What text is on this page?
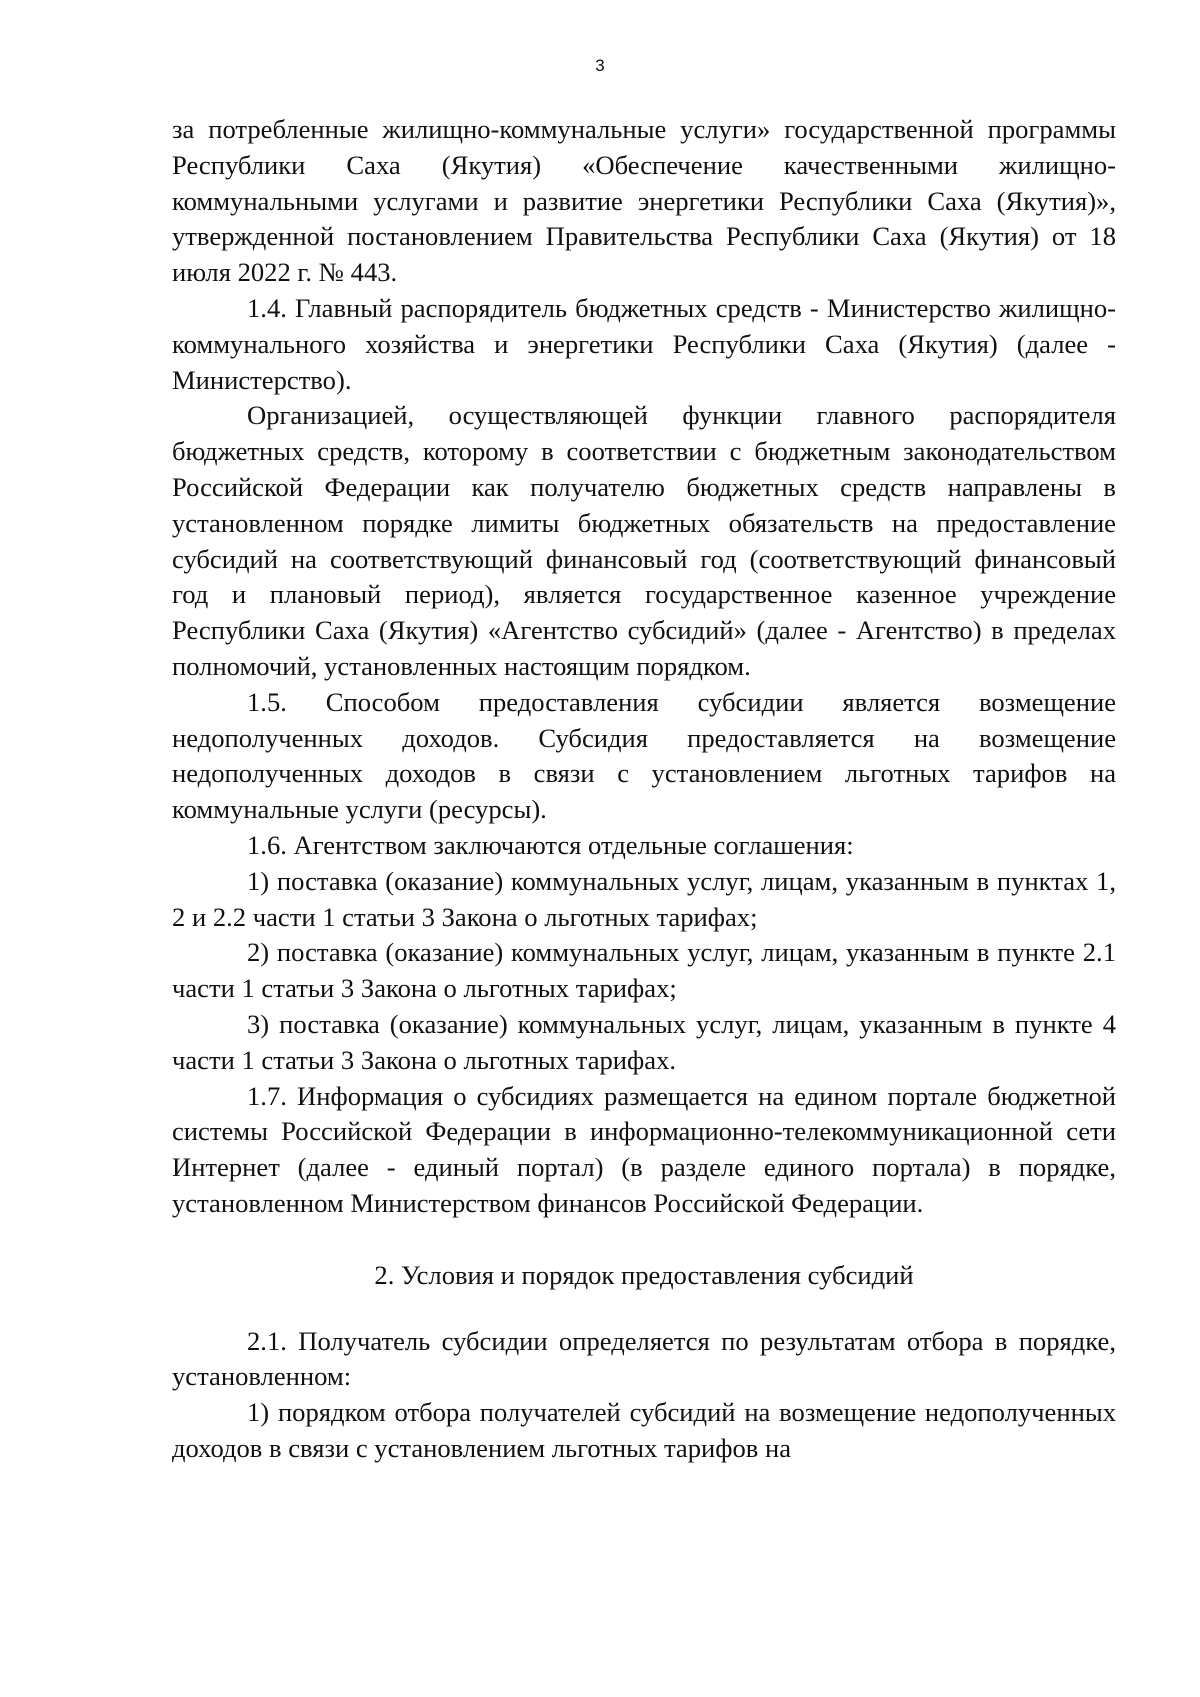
3

за потребленные жилищно-коммунальные услуги» государственной программы Республики Саха (Якутия) «Обеспечение качественными жилищно-коммунальными услугами и развитие энергетики Республики Саха (Якутия)», утвержденной постановлением Правительства Республики Саха (Якутия) от 18 июля 2022 г. № 443.

1.4. Главный распорядитель бюджетных средств - Министерство жилищно-коммунального хозяйства и энергетики Республики Саха (Якутия) (далее - Министерство).

Организацией, осуществляющей функции главного распорядителя бюджетных средств, которому в соответствии с бюджетным законодательством Российской Федерации как получателю бюджетных средств направлены в установленном порядке лимиты бюджетных обязательств на предоставление субсидий на соответствующий финансовый год (соответствующий финансовый год и плановый период), является государственное казенное учреждение Республики Саха (Якутия) «Агентство субсидий» (далее - Агентство) в пределах полномочий, установленных настоящим порядком.

1.5. Способом предоставления субсидии является возмещение недополученных доходов. Субсидия предоставляется на возмещение недополученных доходов в связи с установлением льготных тарифов на коммунальные услуги (ресурсы).

1.6. Агентством заключаются отдельные соглашения:

1) поставка (оказание) коммунальных услуг, лицам, указанным в пунктах 1, 2 и 2.2 части 1 статьи 3 Закона о льготных тарифах;

2) поставка (оказание) коммунальных услуг, лицам, указанным в пункте 2.1 части 1 статьи 3 Закона о льготных тарифах;

3) поставка (оказание) коммунальных услуг, лицам, указанным в пункте 4 части 1 статьи 3 Закона о льготных тарифах.

1.7. Информация о субсидиях размещается на едином портале бюджетной системы Российской Федерации в информационно-телекоммуникационной сети Интернет (далее - единый портал) (в разделе единого портала) в порядке, установленном Министерством финансов Российской Федерации.

2. Условия и порядок предоставления субсидий

2.1. Получатель субсидии определяется по результатам отбора в порядке, установленном:

1) порядком отбора получателей субсидий на возмещение недополученных доходов в связи с установлением льготных тарифов на
